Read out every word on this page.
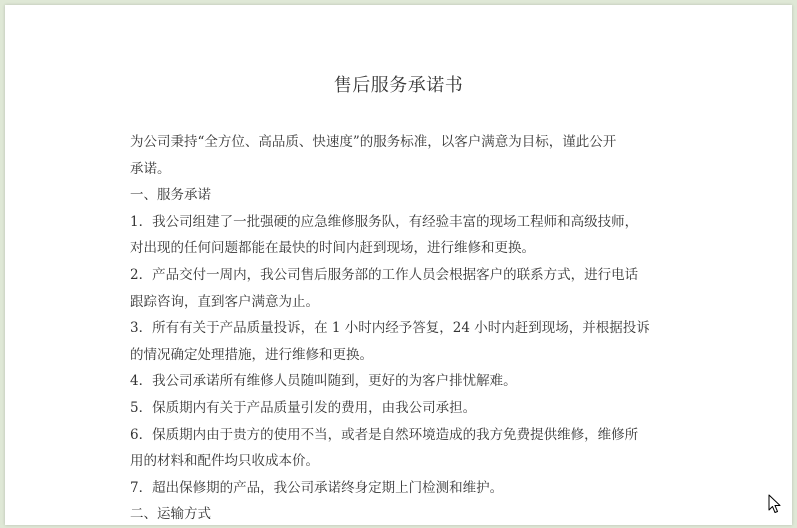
售后服务承诺书

为公司秉持“全方位、高品质、快速度”的服务标准，以客户满意为目标，谨此公开

承诺。

一、服务承诺

1．我公司组建了一批强硬的应急维修服务队，有经验丰富的现场工程师和高级技师，

对出现的任何问题都能在最快的时间内赶到现场，进行维修和更换。

2．产品交付一周内，我公司售后服务部的工作人员会根据客户的联系方式，进行电话

跟踪咨询，直到客户满意为止。

3．所有有关于产品质量投诉，在 1 小时内经予答复，24 小时内赶到现场，并根据投诉

的情况确定处理措施，进行维修和更换。

4．我公司承诺所有维修人员随叫随到，更好的为客户排忧解难。

5．保质期内有关于产品质量引发的费用，由我公司承担。

6．保质期内由于贵方的使用不当，或者是自然环境造成的我方免费提供维修，维修所

用的材料和配件均只收成本价。

7．超出保修期的产品，我公司承诺终身定期上门检测和维护。

二、运输方式
